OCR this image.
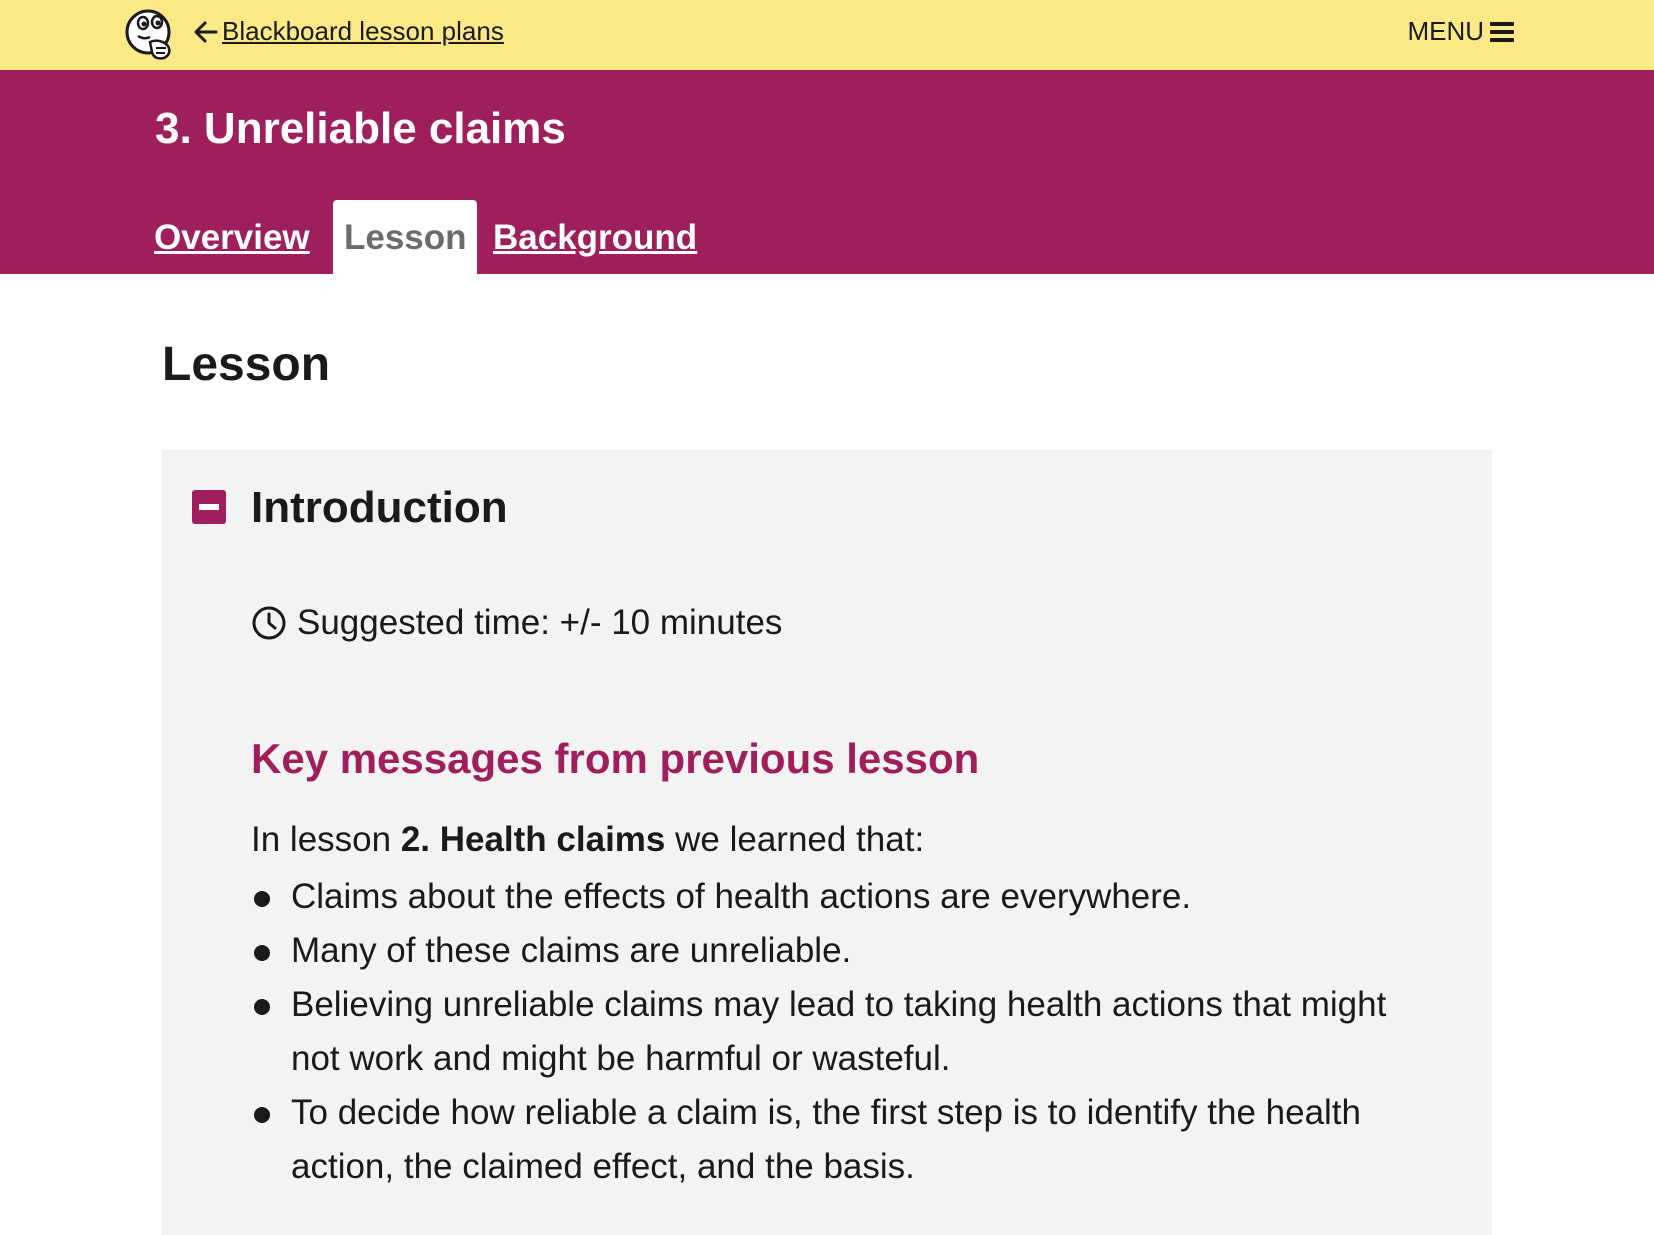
Blackboard lesson plans	MENU
3. Unreliable claims
Overview Lesson Background
Lesson
Introduction
Suggested time: +/- 10 minutes
Key messages from previous lesson

In lesson 2. Health claims we learned that:

Claims about the effects of health actions are everywhere.
Many of these claims are unreliable.
Believing unreliable claims may lead to taking health actions that might not work and might be harmful or wasteful.
To decide how reliable a claim is, the first step is to identify the health action, the claimed effect, and the basis.
